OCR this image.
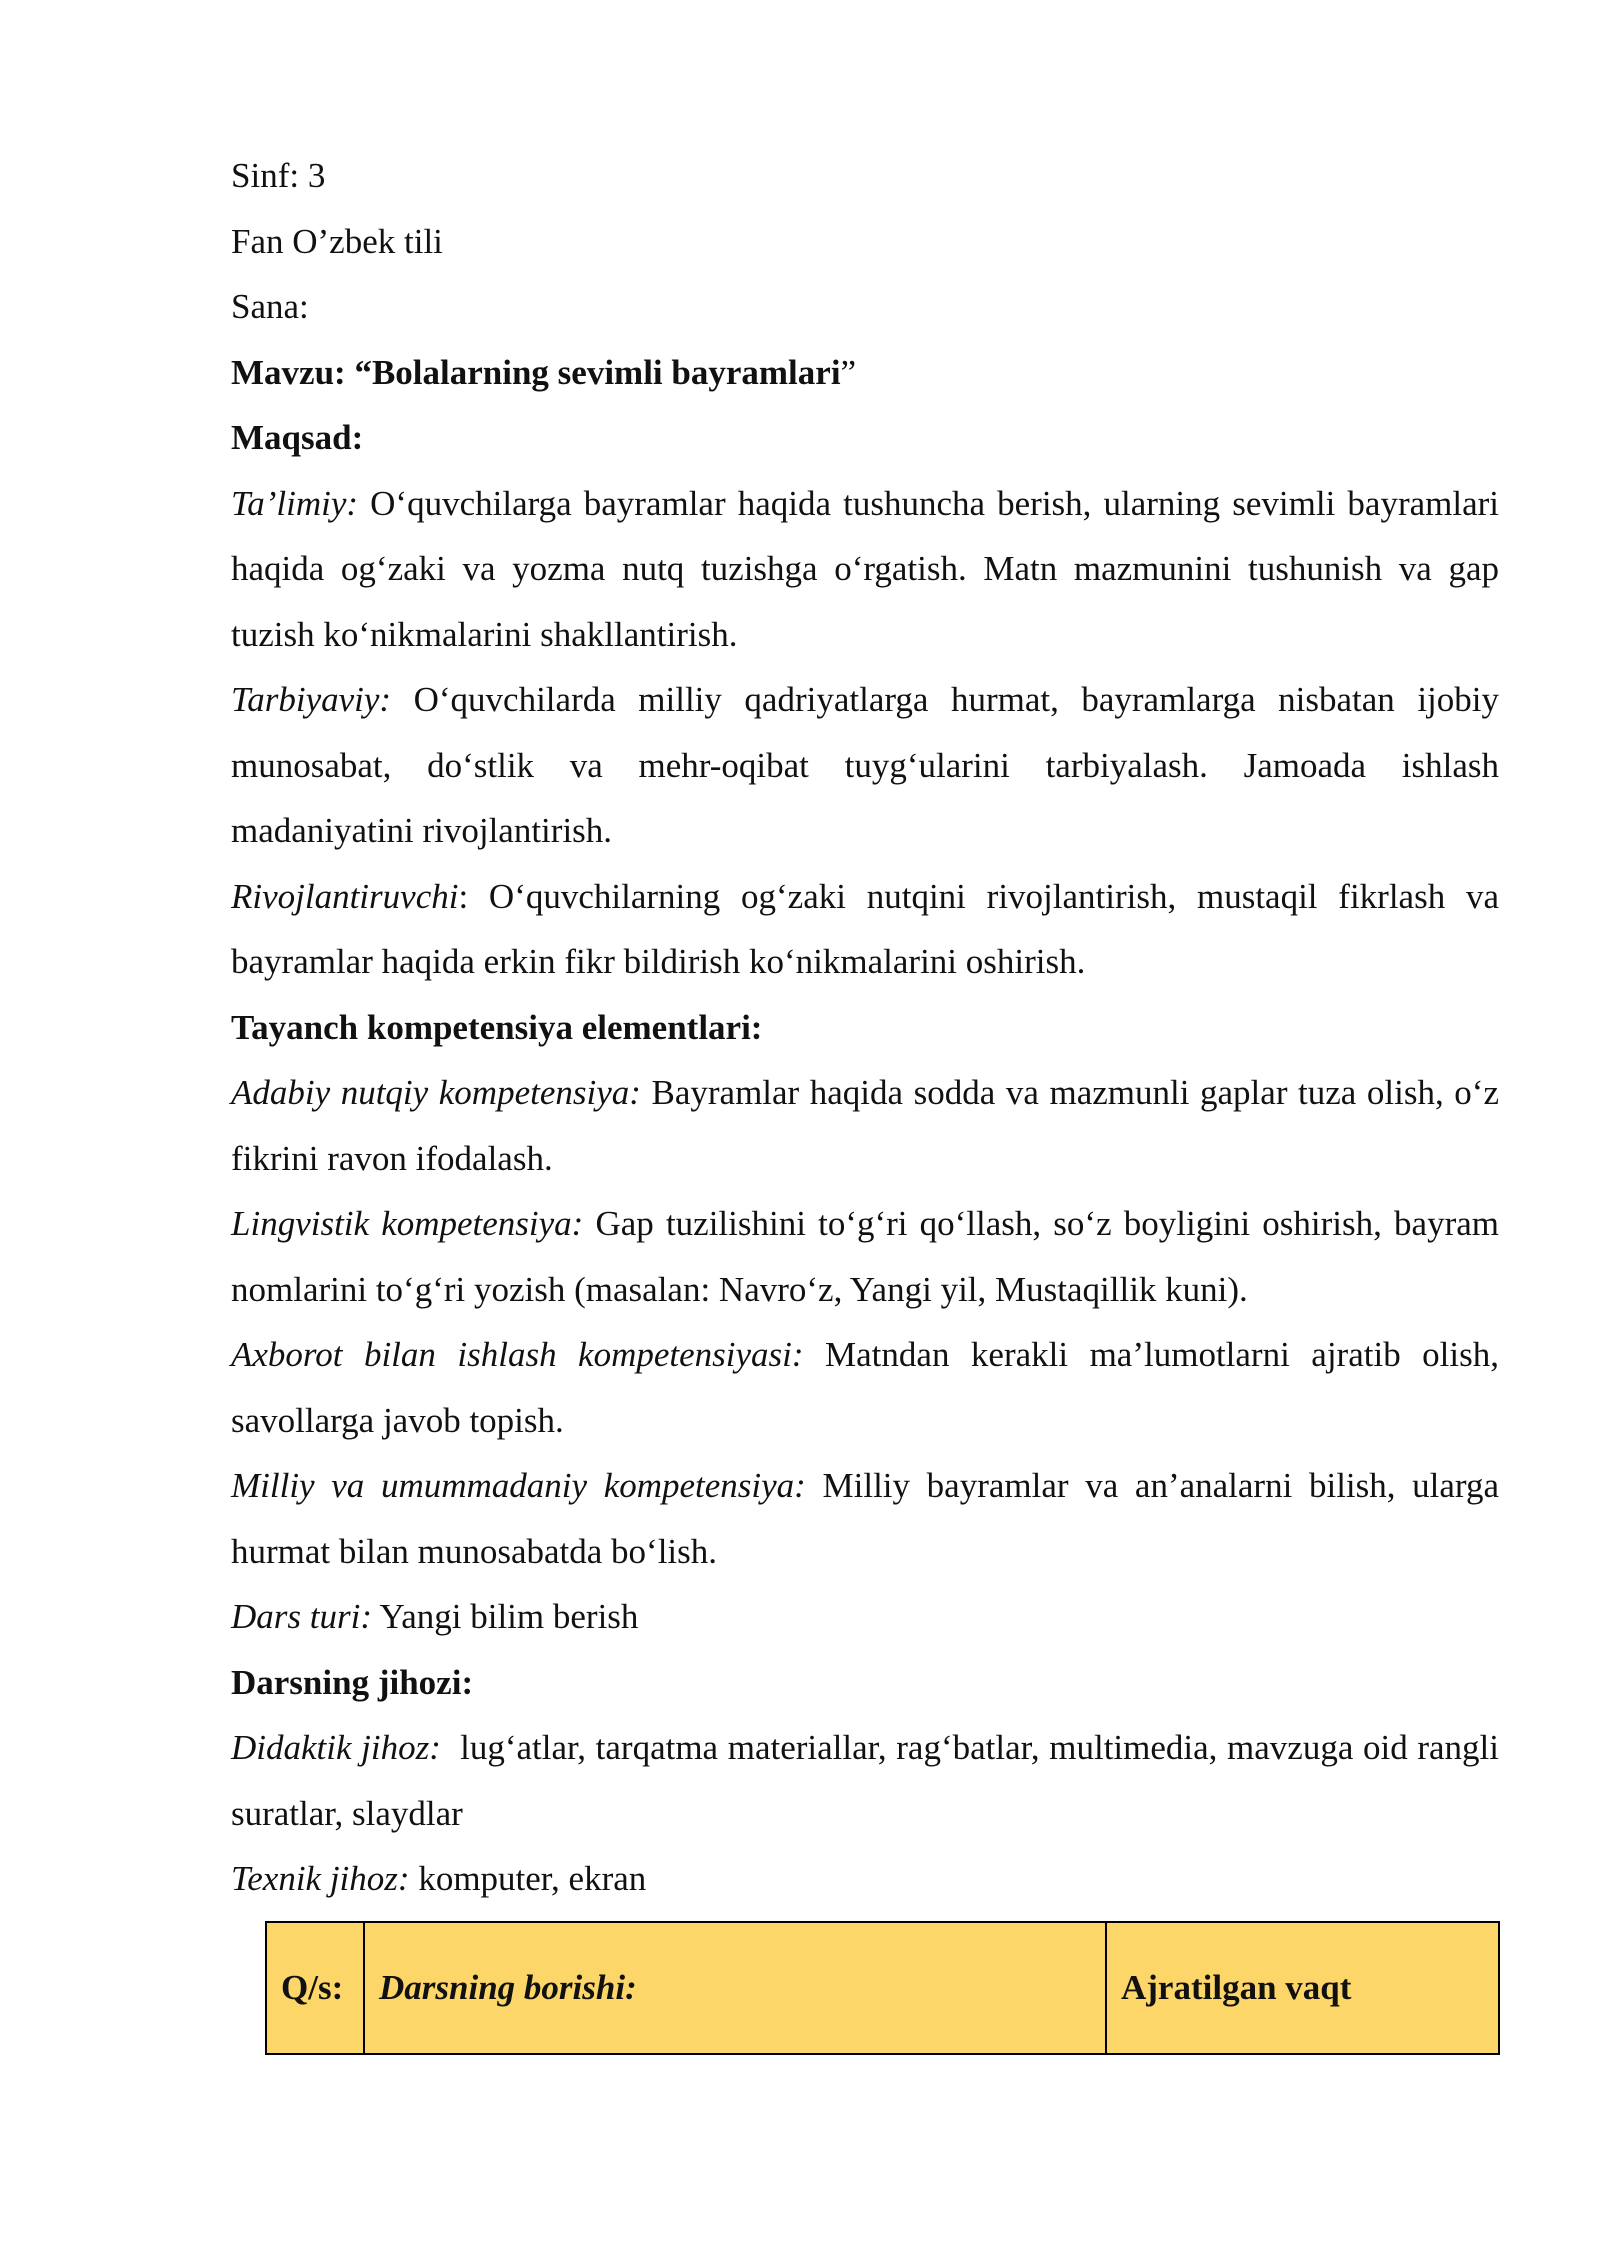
Sinf: 3

Fan O’zbek tili

Sana:

Mavzu: “Bolalarning sevimli bayramlari”

Maqsad:

Ta’limiy: O‘quvchilarga bayramlar haqida tushuncha berish, ularning sevimli bayramlari haqida og‘zaki va yozma nutq tuzishga o‘rgatish. Matn mazmunini tushunish va gap tuzish ko‘nikmalarini shakllantirish.

Tarbiyaviy: O‘quvchilarda milliy qadriyatlarga hurmat, bayramlarga nisbatan ijobiy munosabat, do‘stlik va mehr-oqibat tuyg‘ularini tarbiyalash. Jamoada ishlash madaniyatini rivojlantirish.

Rivojlantiruvchi: O‘quvchilarning og‘zaki nutqini rivojlantirish, mustaqil fikrlash va bayramlar haqida erkin fikr bildirish ko‘nikmalarini oshirish.

Tayanch kompetensiya elementlari:

Adabiy nutqiy kompetensiya: Bayramlar haqida sodda va mazmunli gaplar tuza olish, o‘z fikrini ravon ifodalash.

Lingvistik kompetensiya: Gap tuzilishini to‘g‘ri qo‘llash, so‘z boyligini oshirish, bayram nomlarini to‘g‘ri yozish (masalan: Navro‘z, Yangi yil, Mustaqillik kuni).

Axborot bilan ishlash kompetensiyasi: Matndan kerakli ma’lumotlarni ajratib olish, savollarga javob topish.

Milliy va umummadaniy kompetensiya: Milliy bayramlar va an’analarni bilish, ularga hurmat bilan munosabatda bo‘lish.

Dars turi: Yangi bilim berish

Darsning jihozi:

Didaktik jihoz:  lug‘atlar, tarqatma materiallar, rag‘batlar, multimedia, mavzuga oid rangli suratlar, slaydlar

Texnik jihoz: komputer, ekran

Q/s:	Darsning borishi:	Ajratilgan vaqt
